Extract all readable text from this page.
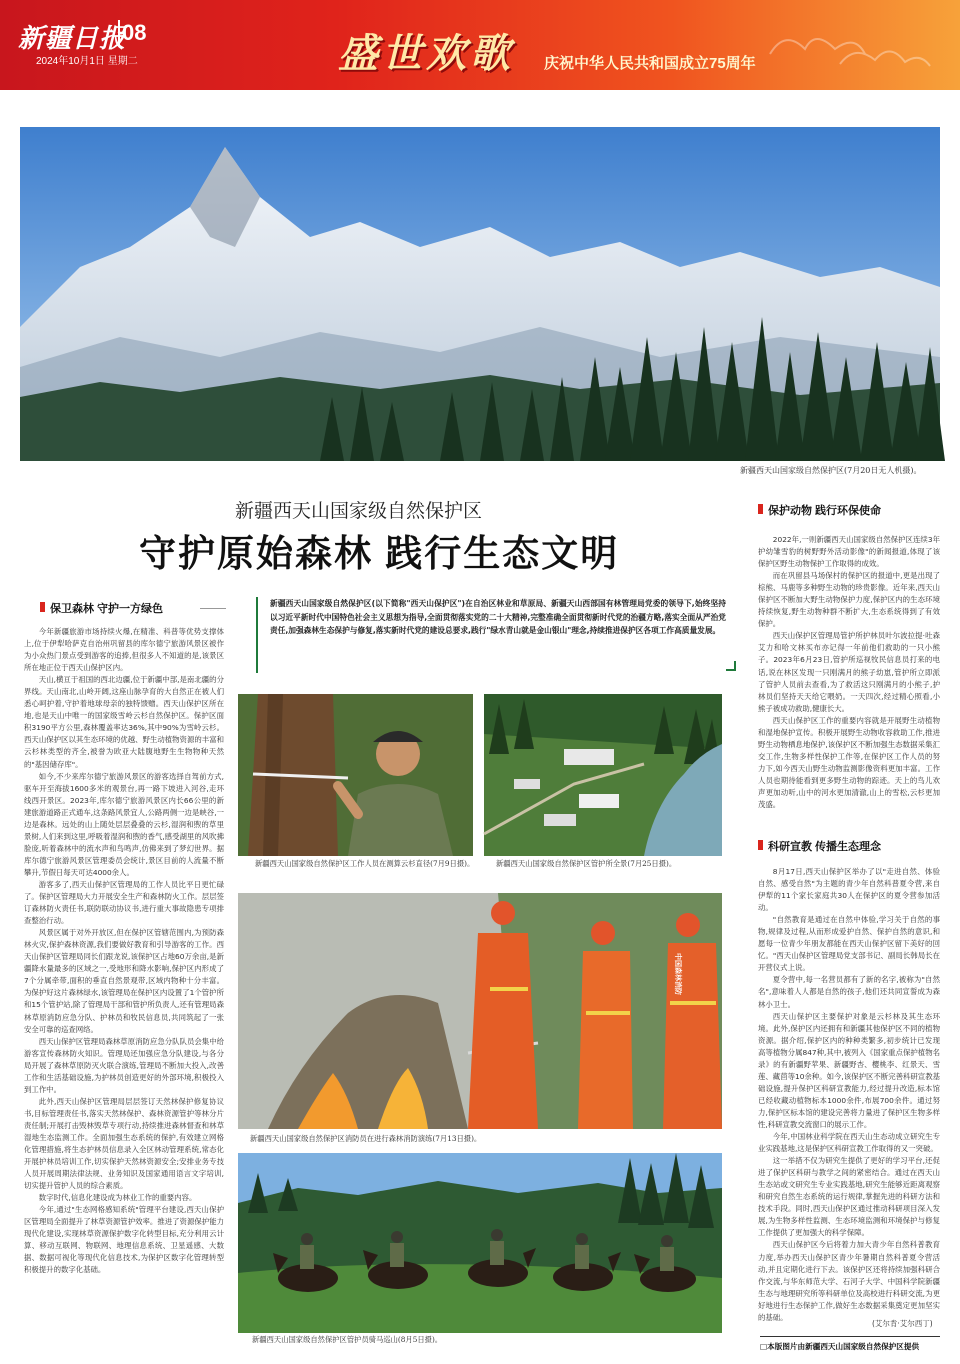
新疆日报
08
2024年10月1日 星期二	盛世欢歌 庆祝中华人民共和国成立75周年
新疆西天山国家级自然保护区(7月20日无人机摄)。
新疆西天山国家级自然保护区
守护原始森林 践行生态文明
保卫森林 守护一方绿色

今年新疆旅游市场持续火爆,在精准、科普等优势支撑体上,位于伊犁哈萨克自治州巩留县的库尔德宁旅游风景区被作为小众热门景点受到游客的追捧,但很多人不知道的是,该景区所在地正位于西天山保护区内。

天山,横亘于祖国的西北边疆,位于新疆中部,是南北疆的分界线。天山南北,山岭开阔,这座山脉孕育的大自然正在被人们悉心呵护着,守护着地球母亲的独特馈赠。西天山保护区所在地,也是天山中唯一的国家级雪岭云杉自然保护区。保护区面积3190平方公里,森林覆盖率达36%,其中90%为雪岭云杉。西天山保护区以其生态环境的优越、野生动植物资源的丰富和云杉林类型的齐全,被誉为欧亚大陆腹地野生生物物种天然的"基因储存库"。

如今,不少来库尔德宁旅游风景区的游客选择自驾前方式,驱车开至海拔1600多米的观景台,再一路下坡进入河谷,走环线西开景区。2023年,库尔德宁旅游风景区内长66公里的新建旅游道路正式通车,这条路风景宜人,公路两侧一边是峡谷,一边是森林。远处的山上随处层层叠叠的云杉,湿润和煦的草里景树,人们来到这里,呼吸着湿润和煦的香气,感受湖里的风吹拂脸庞,听着森林中的流水声和鸟鸣声,仿佛来到了梦幻世界。据库尔德宁旅游风景区管理委员会统计,景区目前的人流量不断攀升,节假日每天可达4000余人。

游客多了,西天山保护区管理局的工作人员比平日更忙碌了。保护区管理局大力开展安全生产和森林防火工作。层层签订森林防火责任书,联防联动协议书,进行重大事故隐患专项排查整治行动。

风景区属于对外开放区,但在保护区管辖范围内,为预防森林火灾,保护森林资源,我们要做好教育和引导游客的工作。西天山保护区管理局同长们跟龙说,该保护区占地60万余亩,是新疆降水量最多的区域之一,受地形和降水影响,保护区内形成了7个分属牵带,面积的垂直自然景观带,区域内物种十分丰富。为保护好这片森林绿水,该管理局在保护区内设置了1个管护所和15个管护站,除了管理局干部和管护所负责人,还有管理局森林草原消防应急分队、护林员和牧民信息员,共同筑起了一张安全可靠的巡查网络。

西天山保护区管理局森林草原消防应急分队队员会集中给游客宣传森林防火知识。管理局还加强应急分队建设,与各分局开展了森林草原防灭火联合演练,管理局不断加大投入,改善工作和生活基础设施,为护林员创造更好的外部环境,积极投入到工作中。

此外,西天山保护区管理局层层签订天然林保护修复协议书,目标管理责任书,落实天然林保护、森林资源管护等林分片责任制;开展打击毁林毁草专项行动,持续推进森林督查和林草湿地生态监测工作。全面加强生态系统的保护,有效建立网格化管理措施,将生态护林员信息录入全区林动管理系统,常态化开展护林员培训工作,切实保护天然林资源安全;安排业务专技人员开展周期法律法规、业务知识及国家通用语言文字培训,切实提升管护人员的综合素质。

数字时代,信息化建设成为林业工作的重要内容。

今年,通过"生态网格感知系统"管理平台建设,西天山保护区管理局全面提升了林草资源管护效率。推进了资源保护能力现代化建设,实现林草资源保护数字化转型目标,充分利用云计算、移动互联网、物联网、地理信息系统、卫星遥感、大数据、数据可视化等现代化信息技术,为保护区数字化管理转型积极提升的数字化基础。

新疆西天山国家级自然保护区(以下简称"西天山保护区")在自治区林业和草原局、新疆天山西部国有林管理局党委的领导下,始终坚持以习近平新时代中国特色社会主义思想为指导,全面贯彻落实党的二十大精神,完整准确全面贯彻新时代党的治疆方略,落实全面从严治党责任,加强森林生态保护与修复,落实新时代党的建设总要求,践行"绿水青山就是金山银山"理念,持续推进保护区各项工作高质量发展。
新疆西天山国家级自然保护区工作人员在测算云杉直径(7月9日摄)。	新疆西天山国家级自然保护区管护所全景(7月25日摄)。
中国森林消防
新疆西天山国家级自然保护区消防员在进行森林消防演练(7月13日摄)。
新疆西天山国家级自然保护区管护员骑马巡山(8月5日摄)。
保护动物 践行环保使命

2022年,一则新疆西天山国家级自然保护区连续3年护幼雏雪豹的树野野外活动影像"的新闻报道,体现了该保护区野生动物保护工作取得的成效。

而在巩留县马场保村的保护区的报道中,更是出现了棕熊、马鹿等多种野生动物的珍贵影像。近年来,西天山保护区不断加大野生动物保护力度,保护区内的生态环境持续恢复,野生动物种群不断扩大,生态系统得到了有效保护。

西天山保护区管理局管护所护林员叶尔波拉提·吐森艾力和哈文林买布亦记得一年前他们救助的一只小熊子。2023年6月23日,管护所巡视牧民信息员打来的电话,说在林区发现一只刚满月的熊子幼崽,管护所立即派了管护人员前去查看,为了救活这只刚满月的小熊子,护林员们坚持天天给它喂奶。一天四次,经过精心照看,小熊子被成功救助,健康长大。

西天山保护区工作的重要内容就是开展野生动植物和湿地保护宣传。积极开展野生动物收容救助工作,推进野生动物栖息地保护,该保护区不断加强生态数据采集汇交工作,生物多样性保护工作等,在保护区工作人员的努力下,如今西天山野生动物监测影像资料更加丰富。工作人员也期待能看到更多野生动物的踪迹。天上的鸟儿欢声更加动听,山中的河水更加清澈,山上的雪松,云杉更加茂盛。

科研宣教 传播生态理念

8月17日,西天山保护区举办了以"走进自然、体验自然、感受自然"为主题的青少年自然科普夏令营,来自伊犁的11个家长家庭共30人在保护区的夏令营参加活动。

"自然教育是通过在自然中体验,学习关于自然的事物,规律及过程,从而形成爱护自然、保护自然的意识,和愿每一位青少年朋友都能在西天山保护区留下美好的回忆。"西天山保护区管理局党支部书记、副局长韩局长在开营仪式上说。

夏令营中,每一名营员都有了新的名字,被称为"自然名",意味着人人都是自然的孩子,他们还共同宣誓成为森林小卫士。

西天山保护区主要保护对象是云杉林及其生态环境。此外,保护区内还拥有和新疆其他保护区不同的植物资源。据介绍,保护区内的种种类繁多,初步统计已发现高等植物分属847种,其中,被列入《国家重点保护植物名录》的有新疆野苹果、新疆野杏、樱桃李、红景天、雪莲、藏茴等10余种。如今,该保护区不断完善科研宣教基础设施,提升保护区科研宣教能力,经过提升改造,标本馆已经收藏动植物标本1000余件,布展700余件。通过努力,保护区标本馆的建设完善将力量进了保护区生物多样性,科研宣教交流窗口的展示工作。

今年,中国林业科学院在西天山生态动成立研究生专业实践基地,这是保护区科研宣教工作取得的又一突破。

这一举措不仅为研究生提供了更好的学习平台,还促进了保护区科研与教学之间的紧密结合。通过在西天山生态站或文研究生专业实践基地,研究生能够近距离观察和研究自然生态系统的运行规律,掌握先进的科研方法和技术手段。同时,西天山保护区通过推动科研项目深入发展,为生物多样性监测、生态环境监测和环境保护与修复工作提供了更加强大的科学保障。

西天山保护区今后将着力加大青少年自然科普教育力度,举办西天山保护区青少年暑期自然科普夏令营活动,并且定期化进行下去。该保护区还将持续加强科研合作交流,与华东师范大学、石河子大学、中国科学院新疆生态与地理研究所等科研单位及高校进行科研交流,为更好地进行生态保护工作,做好生态数据采集奠定更加坚实的基础。

(艾尔肯·艾尔西丁)
□本版图片由新疆西天山国家级自然保护区提供
